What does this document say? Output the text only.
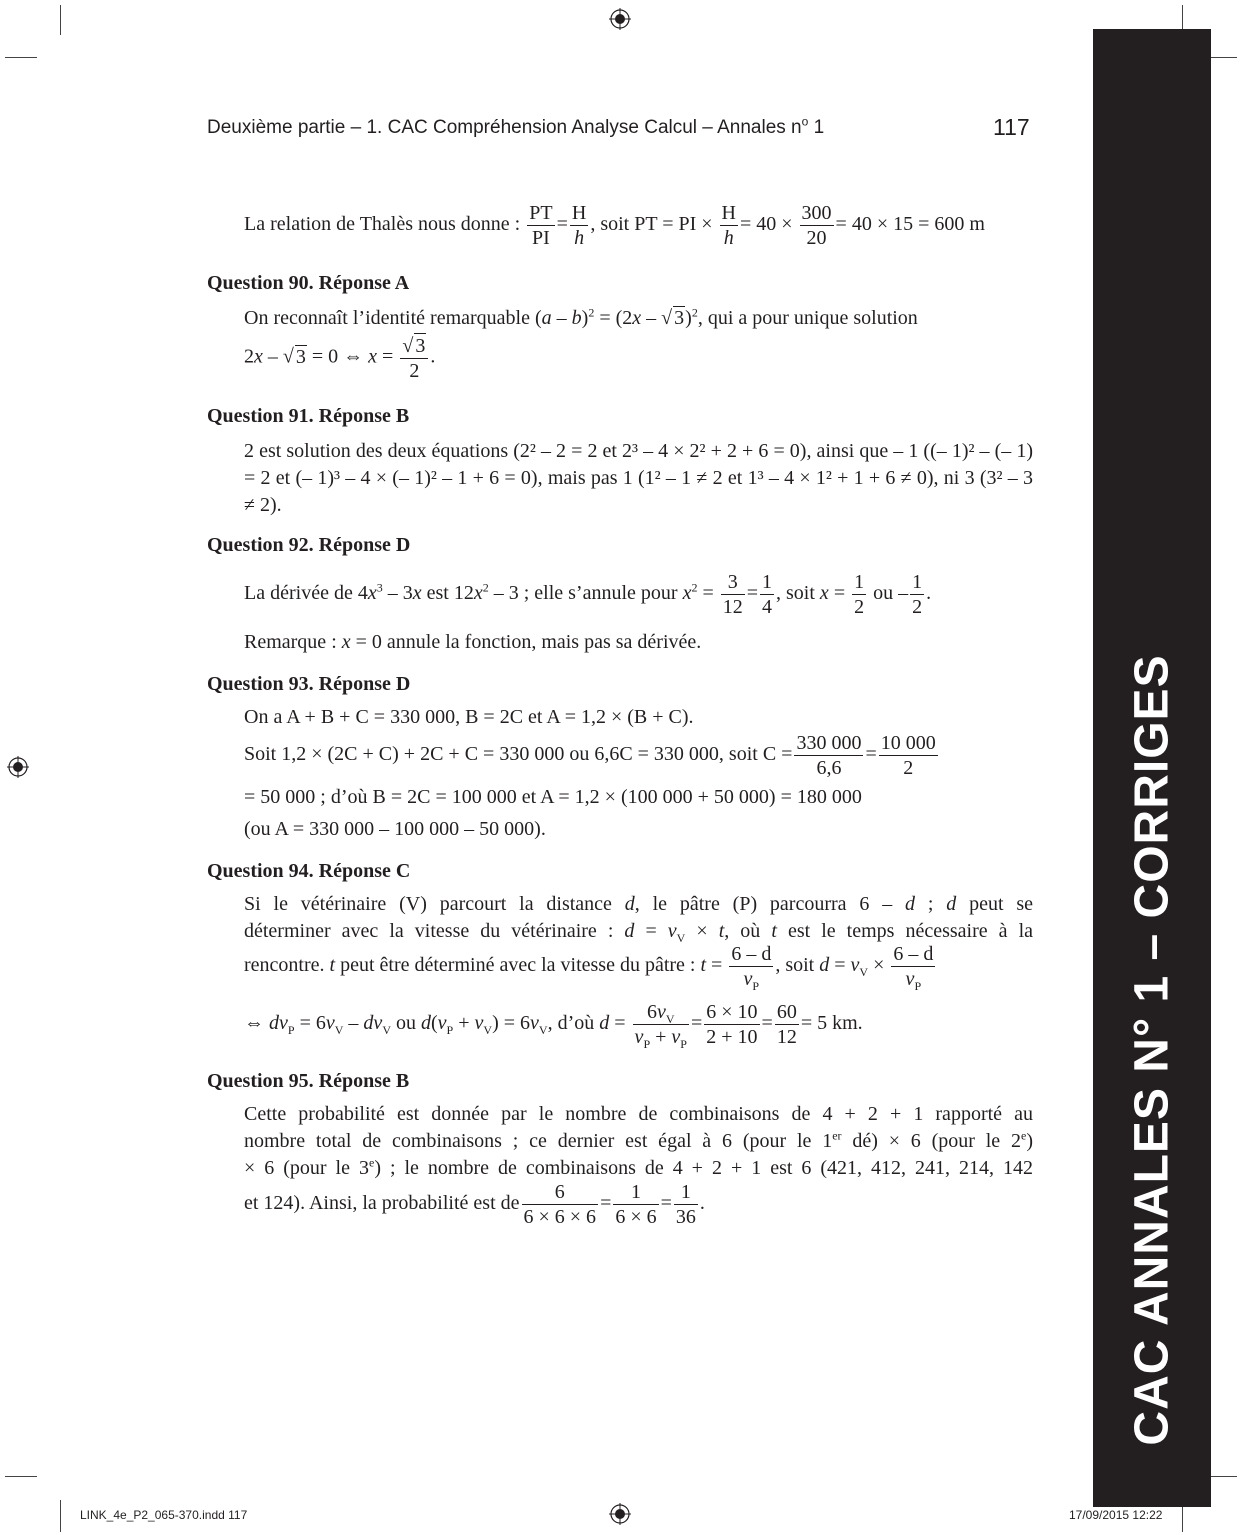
CAC ANNALES N° 1 – CORRIGES
Deuxième partie – 1. CAC Compréhension Analyse Calcul – Annales $n^o$ 1	117
La relation de Thalès nous donne : $\frac{PT}{PI} = \frac{H}{h}$ , soit PT = PI × $\frac{H}{h} = 40 \times \frac{300}{20} = 40 \times 15 = 600$ m
Question 90. Réponse A
On reconnaît l’identité remarquable (a – b)$^2$ = (2x – √ 3)$^2$, qui a pour unique solution
2x – √ 3 = 0 ⇔ $x = \frac{√ 3}{2}$ .
Question 91. Réponse B
2 est solution des deux équations (2² – 2 = 2 et 2³ – 4 × 2² + 2 + 6 = 0), ainsi que – 1 ((– 1)² – (– 1) = 2 et (– 1)³ – 4 × (– 1)² – 1 + 6 = 0), mais pas 1 (1² – 1 ≠ 2 et 1³ – 4 × 1² + 1 + 6 ≠ 0), ni 3 (3² – 3 ≠ 2).
Question 92. Réponse D
La dérivée de $4x^3 - 3x$ est $12x^2 - 3$ ; elle s’annule pour $x^2 = \frac{3}{12} = \frac{1}{4}$ , soit $x = \frac{1}{2}$ ou – $\frac{1}{2}$ .
Remarque : x = 0 annule la fonction, mais pas sa dérivée.
Question 93. Réponse D
On a A + B + C = 330 000, B = 2C et A = 1,2 × (B + C).
Soit 1,2 × (2C + C) + 2C + C = 330 000 ou 6,6C = 330 000, soit $C = \frac{330 000}{6,6} = \frac{10 000}{2}$
= 50 000 ; d’où B = 2C = 100 000 et A = 1,2 × (100 000 + 50 000) = 180 000
(ou A = 330 000 – 100 000 – 50 000).
Question 94. Réponse C
Si le vétérinaire (V) parcourt la distance d, le pâtre (P) parcourra 6 – d ; d peut se
déterminer avec la vitesse du vétérinaire : $d = v_V \times t$, où t est le temps nécessaire à la
rencontre. t peut être déterminé avec la vitesse du pâtre : $t = \frac{6 - d}{v_P}$ , soit $d = v_V \times \frac{6 - d}{v_P}$
⇔ $dv_P = 6v_V - dv_V$ ou $d(v_P + v_V) = 6v_V$, d’où $d = \frac{6v_V}{v_P + v_P} = \frac{6 \times 10}{2 + 10} = \frac{60}{12} = 5$ km.
Question 95. Réponse B
Cette probabilité est donnée par le nombre de combinaisons de 4 + 2 + 1 rapporté au
nombre total de combinaisons ; ce dernier est égal à 6 (pour le 1er dé) × 6 (pour le $2^e$)
× 6 (pour le 3e) ; le nombre de combinaisons de 4 + 2 + 1 est 6 (421, 412, 241, 214, 142
et 124). Ainsi, la probabilité est de $\frac{6}{6 \times 6 \times 6} = \frac{1}{6 \times 6} = \frac{1}{36}$ .
LINK_4e_P2_065-370.indd 117	17/09/2015 12:22
